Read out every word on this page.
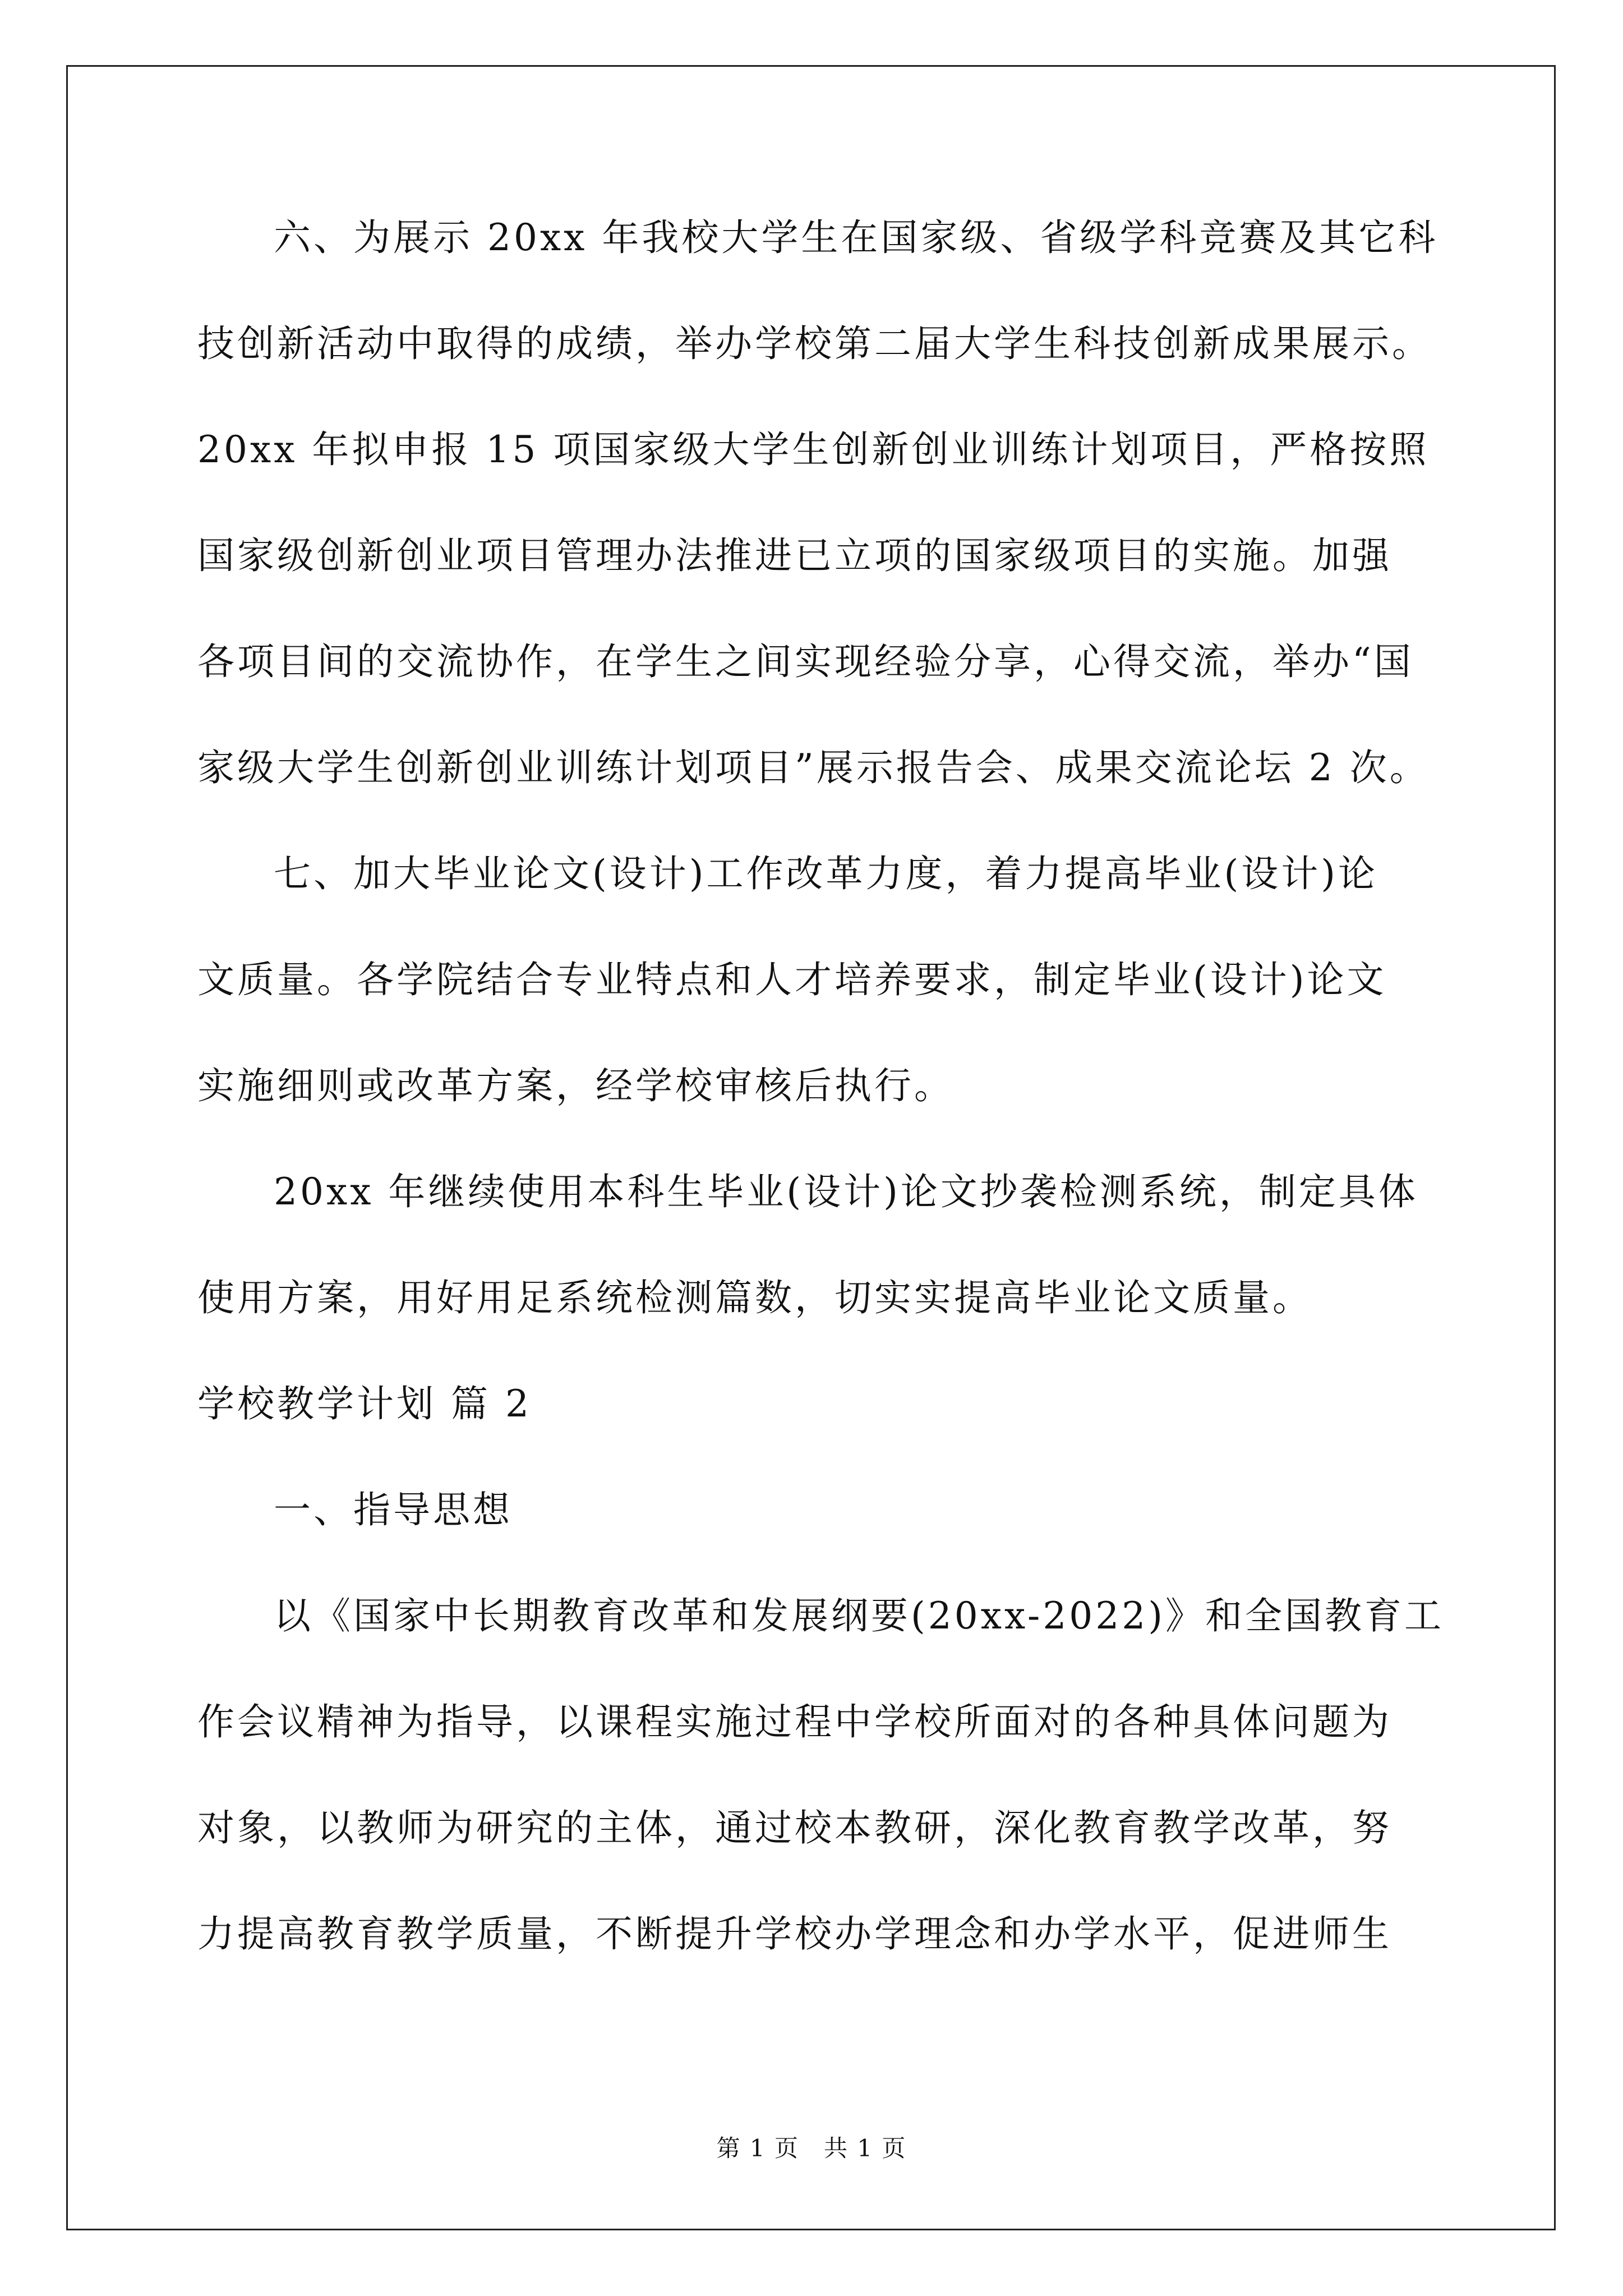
六、为展示 20xx 年我校大学生在国家级、省级学科竞赛及其它科
技创新活动中取得的成绩，举办学校第二届大学生科技创新成果展示。
20xx 年拟申报 15 项国家级大学生创新创业训练计划项目，严格按照
国家级创新创业项目管理办法推进已立项的国家级项目的实施。加强
各项目间的交流协作，在学生之间实现经验分享，心得交流，举办“国
家级大学生创新创业训练计划项目”展示报告会、成果交流论坛 2 次。
七、加大毕业论文(设计)工作改革力度，着力提高毕业(设计)论
文质量。各学院结合专业特点和人才培养要求，制定毕业(设计)论文
实施细则或改革方案，经学校审核后执行。
20xx 年继续使用本科生毕业(设计)论文抄袭检测系统，制定具体
使用方案，用好用足系统检测篇数，切实实提高毕业论文质量。
学校教学计划 篇 2
一、指导思想
以《国家中长期教育改革和发展纲要(20xx-2022)》和全国教育工
作会议精神为指导，以课程实施过程中学校所面对的各种具体问题为
对象，以教师为研究的主体，通过校本教研，深化教育教学改革，努
力提高教育教学质量，不断提升学校办学理念和办学水平，促进师生
第 1 页　共 1 页
